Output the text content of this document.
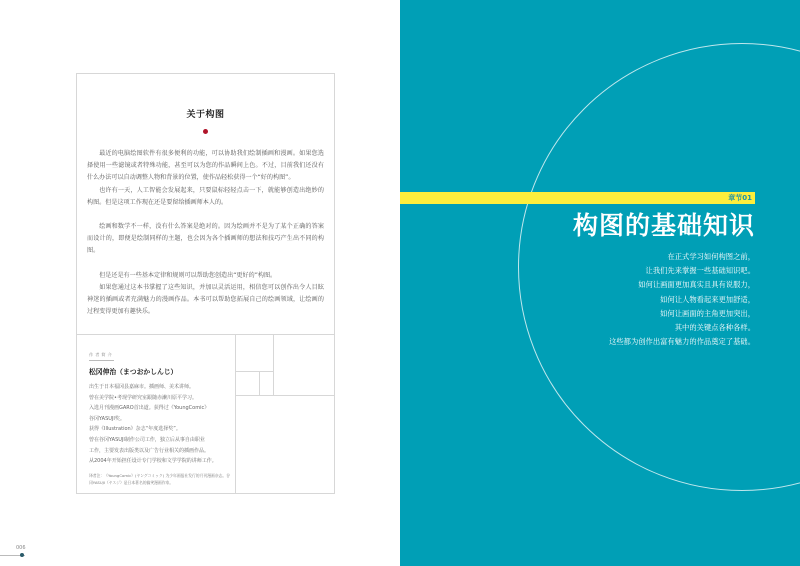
关于构图

最近的电脑绘图软件有很多便利的功能，可以协助我们绘制插画和漫画。如果您选择使用一些滤镜或者特殊功能，甚至可以为您的作品瞬间上色。不过，目前我们还没有什么办法可以自动调整人物和背景的位置，使作品轻松获得一个“好的构图”。

也许有一天，人工智能会发展起来，只要鼠标轻轻点击一下，就能够创造出绝妙的构图。但是这项工作现在还是要留给插画师本人的。

绘画和数学不一样，没有什么答案是绝对的。因为绘画并不是为了某个正确的答案而设计的，即便是绘制同样的主题，也会因为各个插画师的想法和技巧产生出不同的构图。

但是还是有一些基本定律和规则可以帮助您创造出“更好的”构图。

如果您通过这本书掌握了这些知识，并加以灵活运用，相信您可以创作出令人目眩神迷的插画或者充满魅力的漫画作品。本书可以帮助您拓展自己的绘画领域，让绘画的过程变得更加有趣快乐。

作者简介
松冈伸治（まつおかしんじ）
出生于日本福冈县嘉麻市。插画师、美术讲师。
曾在美学院•考现学研究室跟随赤濑川原平学习。
入选月刊漫画GARO首出道。获得过《YoungComic》
谷冈YASUJI奖。
获得《Illustration》杂志“年度选择奖”。
曾在谷冈YASUJI制作公司工作，独立后从事自由职业
工作，主要发表出版类以及广告行业相关的插画作品。
从2004年开始担任设计专门学校和文学学院的讲师工作。
译者注：《YoungComic》(ヤングコミック) 为少年画报社发行的月刊漫画杂志。谷冈YASUJI（ヤスジ）是日本著名的搞笑漫画作家。
006
章节01
构图的基础知识
在正式学习如何构图之前，
让我们先来掌握一些基础知识吧。
如何让画面更加真实且具有说服力，
如何让人物看起来更加舒适，
如何让画面的主角更加突出，
其中的关键点各种各样。
这些都为创作出富有魅力的作品奠定了基础。
